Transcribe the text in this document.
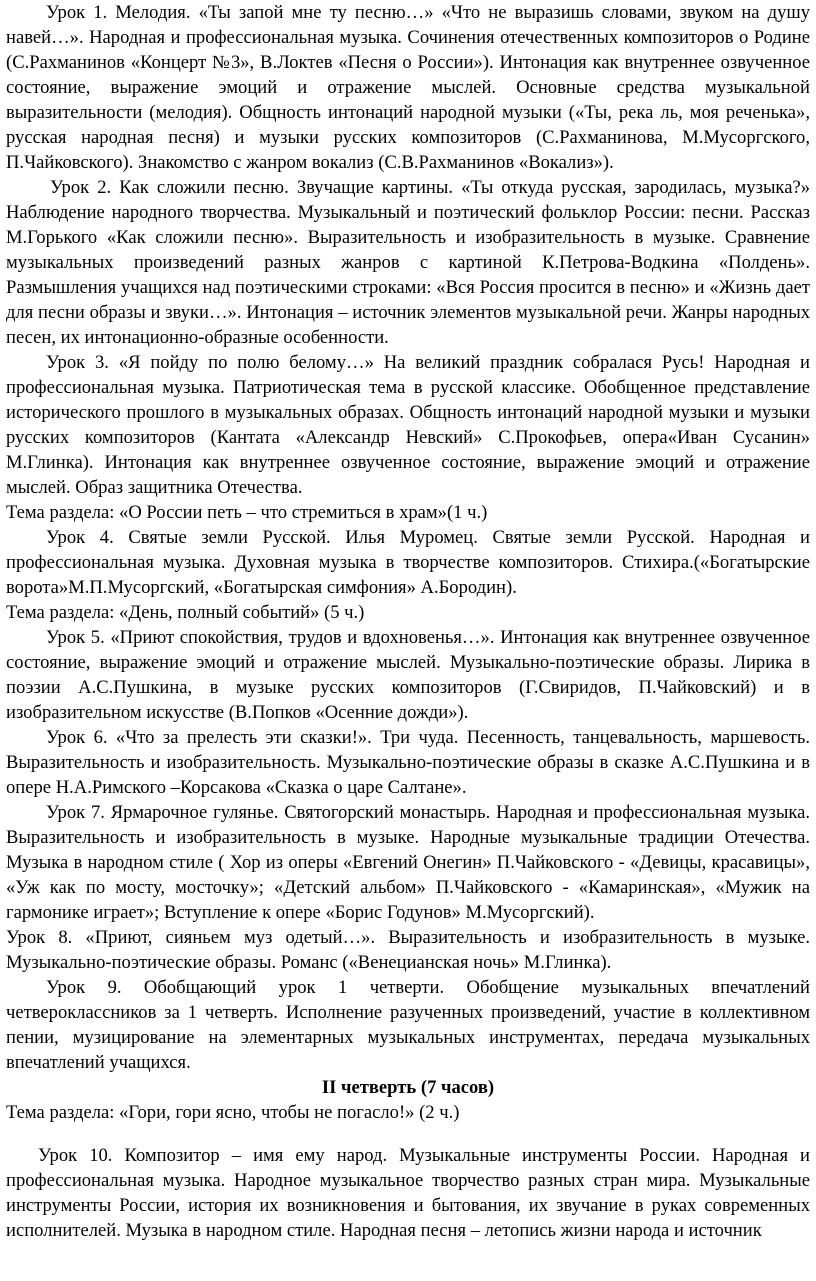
Урок 1. Мелодия. «Ты запой мне ту песню…» «Что не выразишь словами, звуком на душу навей…». Народная и профессиональная музыка. Сочинения отечественных композиторов о Родине (С.Рахманинов «Концерт №3», В.Локтев «Песня о России»). Интонация как внутреннее озвученное состояние, выражение эмоций и отражение мыслей. Основные средства музыкальной выразительности (мелодия). Общность интонаций народной музыки («Ты, река ль, моя реченька», русская народная песня) и музыки русских композиторов (С.Рахманинова, М.Мусоргского, П.Чайковского). Знакомство с жанром вокализ (С.В.Рахманинов «Вокализ»).

Урок 2. Как сложили песню. Звучащие картины. «Ты откуда русская, зародилась, музыка?» Наблюдение народного творчества. Музыкальный и поэтический фольклор России: песни. Рассказ М.Горького «Как сложили песню». Выразительность и изобразительность в музыке. Сравнение музыкальных произведений разных жанров с картиной К.Петрова-Водкина «Полдень». Размышления учащихся над поэтическими строками: «Вся Россия просится в песню» и «Жизнь дает для песни образы и звуки…». Интонация – источник элементов музыкальной речи. Жанры народных песен, их интонационно-образные особенности.

Урок 3. «Я пойду по полю белому…» На великий праздник собралася Русь! Народная и профессиональная музыка. Патриотическая тема в русской классике. Обобщенное представление исторического прошлого в музыкальных образах. Общность интонаций народной музыки и музыки русских композиторов (Кантата «Александр Невский» С.Прокофьев, опера«Иван Сусанин» М.Глинка). Интонация как внутреннее озвученное состояние, выражение эмоций и отражение мыслей. Образ защитника Отечества.

Тема раздела: «О России петь – что стремиться в храм»(1 ч.)

Урок 4. Святые земли Русской. Илья Муромец. Святые земли Русской. Народная и профессиональная музыка. Духовная музыка в творчестве композиторов. Стихира.(«Богатырские ворота»М.П.Мусоргский, «Богатырская симфония» А.Бородин).

Тема раздела: «День, полный событий» (5 ч.)

Урок 5. «Приют спокойствия, трудов и вдохновенья…». Интонация как внутреннее озвученное состояние, выражение эмоций и отражение мыслей. Музыкально-поэтические образы. Лирика в поэзии А.С.Пушкина, в музыке русских композиторов (Г.Свиридов, П.Чайковский) и в изобразительном искусстве (В.Попков «Осенние дожди»).

Урок 6. «Что за прелесть эти сказки!». Три чуда. Песенность, танцевальность, маршевость. Выразительность и изобразительность. Музыкально-поэтические образы в сказке А.С.Пушкина и в опере Н.А.Римского –Корсакова «Сказка о царе Салтане».

Урок 7. Ярмарочное гулянье. Святогорский монастырь. Народная и профессиональная музыка. Выразительность и изобразительность в музыке. Народные музыкальные традиции Отечества. Музыка в народном стиле ( Хор из оперы «Евгений Онегин» П.Чайковского - «Девицы, красавицы», «Уж как по мосту, мосточку»; «Детский альбом» П.Чайковского - «Камаринская», «Мужик на гармонике играет»; Вступление к опере «Борис Годунов» М.Мусоргский).

Урок 8. «Приют, сияньем муз одетый…». Выразительность и изобразительность в музыке. Музыкально-поэтические образы. Романс («Венецианская ночь» М.Глинка).

Урок 9. Обобщающий урок 1 четверти. Обобщение музыкальных впечатлений четвероклассников за 1 четверть. Исполнение разученных произведений, участие в коллективном пении, музицирование на элементарных музыкальных инструментах, передача музыкальных впечатлений учащихся.

II четверть (7 часов)

Тема раздела: «Гори, гори ясно, чтобы не погасло!» (2 ч.)

Урок 10. Композитор – имя ему народ. Музыкальные инструменты России. Народная и профессиональная музыка. Народное музыкальное творчество разных стран мира. Музыкальные инструменты России, история их возникновения и бытования, их звучание в руках современных исполнителей. Музыка в народном стиле. Народная песня – летопись жизни народа и источник
